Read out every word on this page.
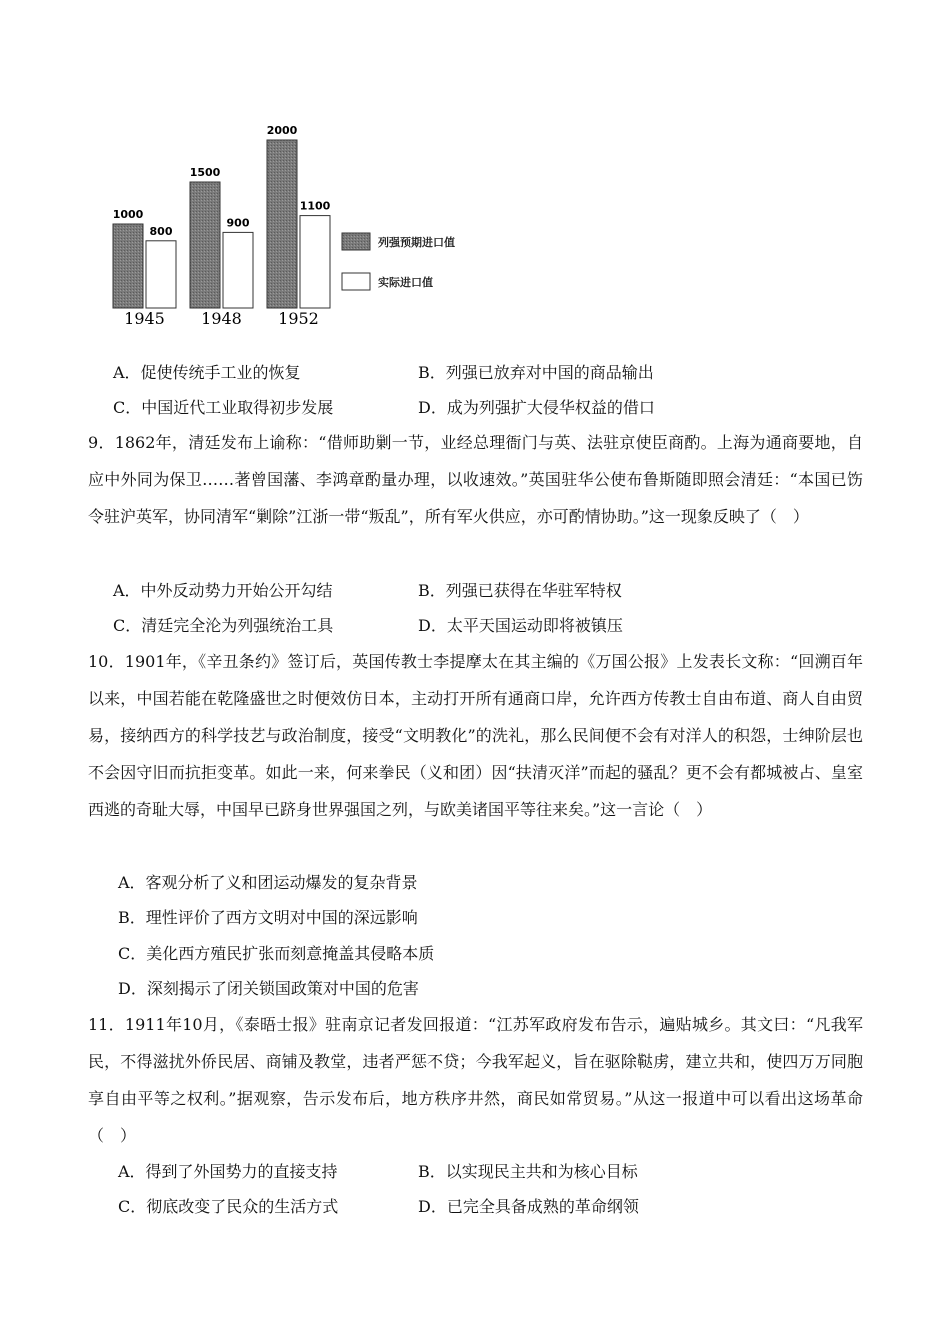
1000
800
1500
900
2000
1100
1945 1948 1952
列强预期进口值
实际进口值
A．促使传统手工业的恢复	B．列强已放弃对中国的商品输出
C．中国近代工业取得初步发展	D．成为列强扩大侵华权益的借口
9．1862年，清廷发布上谕称：“借师助剿一节，业经总理衙门与英、法驻京使臣商酌。上海为通商要地，自应中外同为保卫……著曾国藩、李鸿章酌量办理，以收速效。”英国驻华公使布鲁斯随即照会清廷：“本国已饬令驻沪英军，协同清军“剿除”江浙一带“叛乱”，所有军火供应，亦可酌情协助。”这一现象反映了（　）
A．中外反动势力开始公开勾结	B．列强已获得在华驻军特权
C．清廷完全沦为列强统治工具	D．太平天国运动即将被镇压
10．1901年，《辛丑条约》签订后，英国传教士李提摩太在其主编的《万国公报》上发表长文称：“回溯百年以来，中国若能在乾隆盛世之时便效仿日本，主动打开所有通商口岸，允许西方传教士自由布道、商人自由贸易，接纳西方的科学技艺与政治制度，接受“文明教化”的洗礼，那么民间便不会有对洋人的积怨，士绅阶层也不会因守旧而抗拒变革。如此一来，何来拳民（义和团）因“扶清灭洋”而起的骚乱？更不会有都城被占、皇室西逃的奇耻大辱，中国早已跻身世界强国之列，与欧美诸国平等往来矣。”这一言论（　）
A．客观分析了义和团运动爆发的复杂背景
B．理性评价了西方文明对中国的深远影响
C．美化西方殖民扩张而刻意掩盖其侵略本质
D．深刻揭示了闭关锁国政策对中国的危害
11．1911年10月，《泰晤士报》驻南京记者发回报道：“江苏军政府发布告示，遍贴城乡。其文曰：“凡我军民，不得滋扰外侨民居、商铺及教堂，违者严惩不贷；今我军起义，旨在驱除鞑虏，建立共和，使四万万同胞享自由平等之权利。”据观察，告示发布后，地方秩序井然，商民如常贸易。”从这一报道中可以看出这场革命（　）
A．得到了外国势力的直接支持	B．以实现民主共和为核心目标
C．彻底改变了民众的生活方式	D．已完全具备成熟的革命纲领
